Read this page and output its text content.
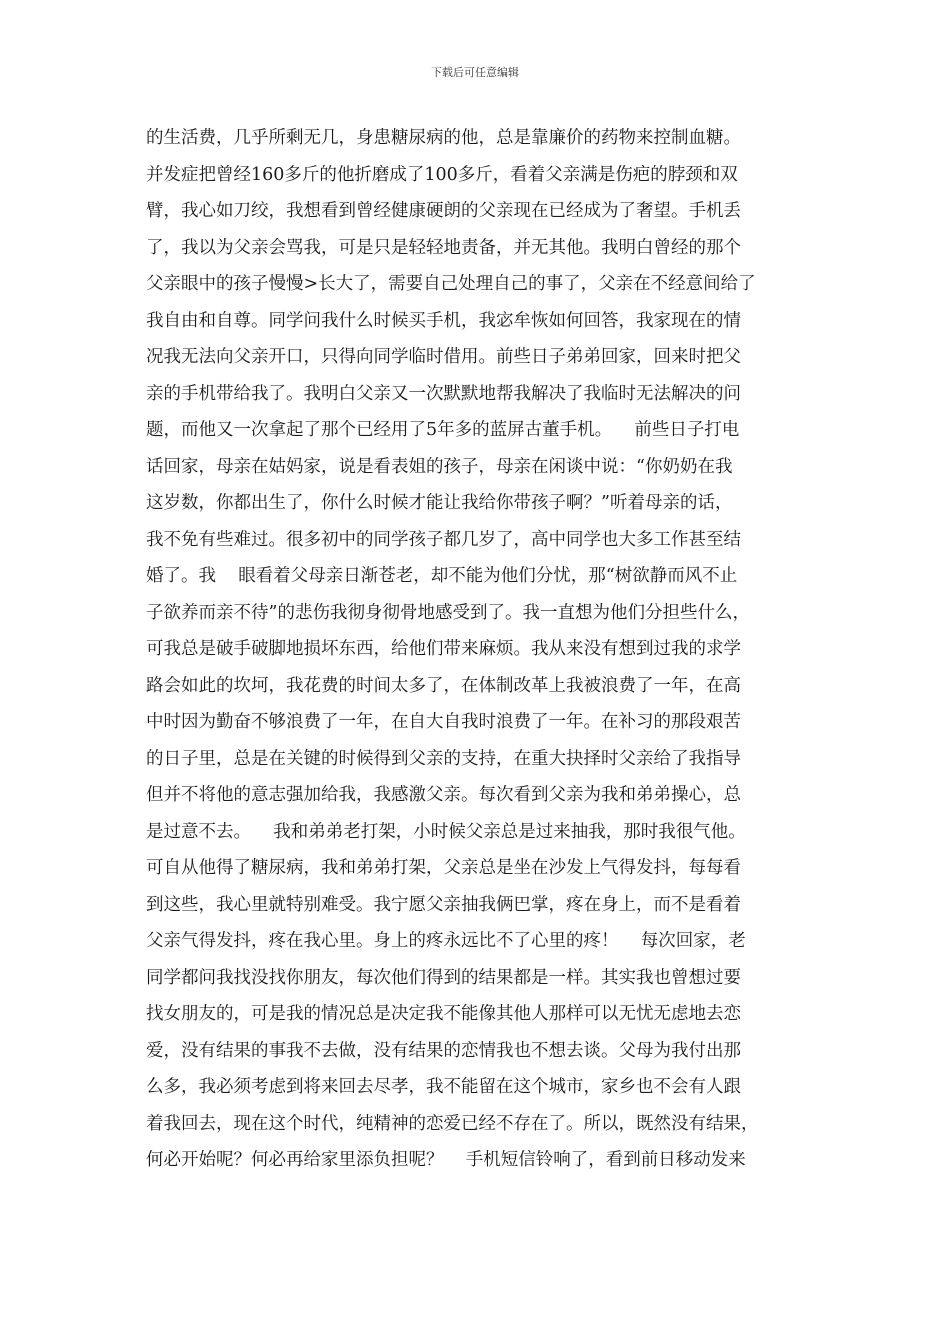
下载后可任意编辑
的生活费，几乎所剩无几，身患糖尿病的他，总是靠廉价的药物来控制血糖。
并发症把曾经160多斤的他折磨成了100多斤，看着父亲满是伤疤的脖颈和双
臂，我心如刀绞，我想看到曾经健康硬朗的父亲现在已经成为了奢望。手机丢
了，我以为父亲会骂我，可是只是轻轻地责备，并无其他。我明白曾经的那个
父亲眼中的孩子慢慢>长大了，需要自己处理自己的事了，父亲在不经意间给了
我自由和自尊。同学问我什么时候买手机，我宓牟恢如何回答，我家现在的情
况我无法向父亲开口，只得向同学临时借用。前些日子弟弟回家，回来时把父
亲的手机带给我了。我明白父亲又一次默默地帮我解决了我临时无法解决的问
题，而他又一次拿起了那个已经用了5年多的蓝屏古董手机。    前些日子打电
话回家，母亲在姑妈家，说是看表姐的孩子，母亲在闲谈中说：“你奶奶在我
这岁数，你都出生了，你什么时候才能让我给你带孩子啊？”听着母亲的话，
我不免有些难过。很多初中的同学孩子都几岁了，高中同学也大多工作甚至结
婚了。我    眼看着父母亲日渐苍老，却不能为他们分忧，那“树欲静而风不止
子欲养而亲不待”的悲伤我彻身彻骨地感受到了。我一直想为他们分担些什么，
可我总是破手破脚地损坏东西，给他们带来麻烦。我从来没有想到过我的求学
路会如此的坎坷，我花费的时间太多了，在体制改革上我被浪费了一年，在高
中时因为勤奋不够浪费了一年，在自大自我时浪费了一年。在补习的那段艰苦
的日子里，总是在关键的时候得到父亲的支持，在重大抉择时父亲给了我指导
但并不将他的意志强加给我，我感激父亲。每次看到父亲为我和弟弟操心，总
是过意不去。    我和弟弟老打架，小时候父亲总是过来抽我，那时我很气他。
可自从他得了糖尿病，我和弟弟打架，父亲总是坐在沙发上气得发抖，每每看
到这些，我心里就特别难受。我宁愿父亲抽我俩巴掌，疼在身上，而不是看着
父亲气得发抖，疼在我心里。身上的疼永远比不了心里的疼！    每次回家，老
同学都问我找没找你朋友，每次他们得到的结果都是一样。其实我也曾想过要
找女朋友的，可是我的情况总是决定我不能像其他人那样可以无忧无虑地去恋
爱，没有结果的事我不去做，没有结果的恋情我也不想去谈。父母为我付出那
么多，我必须考虑到将来回去尽孝，我不能留在这个城市，家乡也不会有人跟
着我回去，现在这个时代，纯精神的恋爱已经不存在了。所以，既然没有结果，
何必开始呢？何必再给家里添负担呢？    手机短信铃响了，看到前日移动发来
